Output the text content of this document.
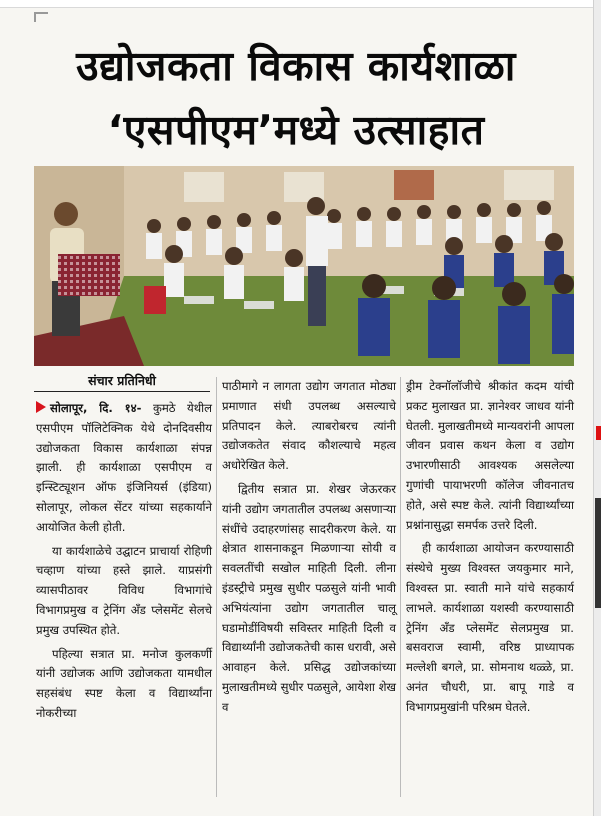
उद्योजकता विकास कार्यशाळा
‘एसपीएम’मध्ये उत्साहात
संचार प्रतिनिधी

सोलापूर, दि. १४- कुमठे येथील एसपीएम पॉलिटेक्निक येथे दोनदिवसीय उद्योजकता विकास कार्यशाळा संपन्न झाली. ही कार्यशाळा एसपीएम व इन्स्टिट्यूशन ऑफ इंजिनियर्स (इंडिया) सोलापूर, लोकल सेंटर यांच्या सहकार्याने आयोजित केली होती.

या कार्यशाळेचे उद्घाटन प्राचार्या रोहिणी चव्हाण यांच्या हस्ते झाले. याप्रसंगी व्यासपीठावर विविध विभागांचे विभागप्रमुख व ट्रेनिंग अँड प्लेसमेंट सेलचे प्रमुख उपस्थित होते.

पहिल्या सत्रात प्रा. मनोज कुलकर्णी यांनी उद्योजक आणि उद्योजकता यामधील सहसंबंध स्पष्ट केला व विद्यार्थ्यांना नोकरीच्या

पाठीमागे न लागता उद्योग जगतात मोठ्या प्रमाणात संधी उपलब्ध असल्याचे प्रतिपादन केले. त्याबरोबरच त्यांनी उद्योजकतेत संवाद कौशल्याचे महत्व अधोरेखित केले.

द्वितीय सत्रात प्रा. शेखर जेऊरकर यांनी उद्योग जगतातील उपलब्ध असणाऱ्या संधींचे उदाहरणांसह सादरीकरण केले. या क्षेत्रात शासनाकडून मिळणाऱ्या सोयी व सवलतींची सखोल माहिती दिली. लीना इंडस्ट्रीचे प्रमुख सुधीर पळसुले यांनी भावी अभियंत्यांना उद्योग जगतातील चालू घडामोडींविषयी सविस्तर माहिती दिली व विद्यार्थ्यांनी उद्योजकतेची कास धरावी, असे आवाहन केले. प्रसिद्ध उद्योजकांच्या मुलाखतीमध्ये सुधीर पळसुले, आयेशा शेख व

ड्रीम टेक्नॉलॉजीचे श्रीकांत कदम यांची प्रकट मुलाखत प्रा. ज्ञानेश्वर जाधव यांनी घेतली. मुलाखतीमध्ये मान्यवरांनी आपला जीवन प्रवास कथन केला व उद्योग उभारणीसाठी आवश्यक असलेल्या गुणांची पायाभरणी कॉलेज जीवनातच होते, असे स्पष्ट केले. त्यांनी विद्यार्थ्यांच्या प्रश्नांनासुद्धा समर्पक उत्तरे दिली.

ही कार्यशाळा आयोजन करण्यासाठी संस्थेचे मुख्य विश्वस्त जयकुमार माने, विश्वस्त प्रा. स्वाती माने यांचे सहकार्य लाभले. कार्यशाळा यशस्वी करण्यासाठी ट्रेनिंग अँड प्लेसमेंट सेलप्रमुख प्रा. बसवराज स्वामी, वरिष्ठ प्राध्यापक मल्लेशी बगले, प्रा. सोमनाथ थळ्ळे, प्रा. अनंत चौधरी, प्रा. बापू गाडे व विभागप्रमुखांनी परिश्रम घेतले.
